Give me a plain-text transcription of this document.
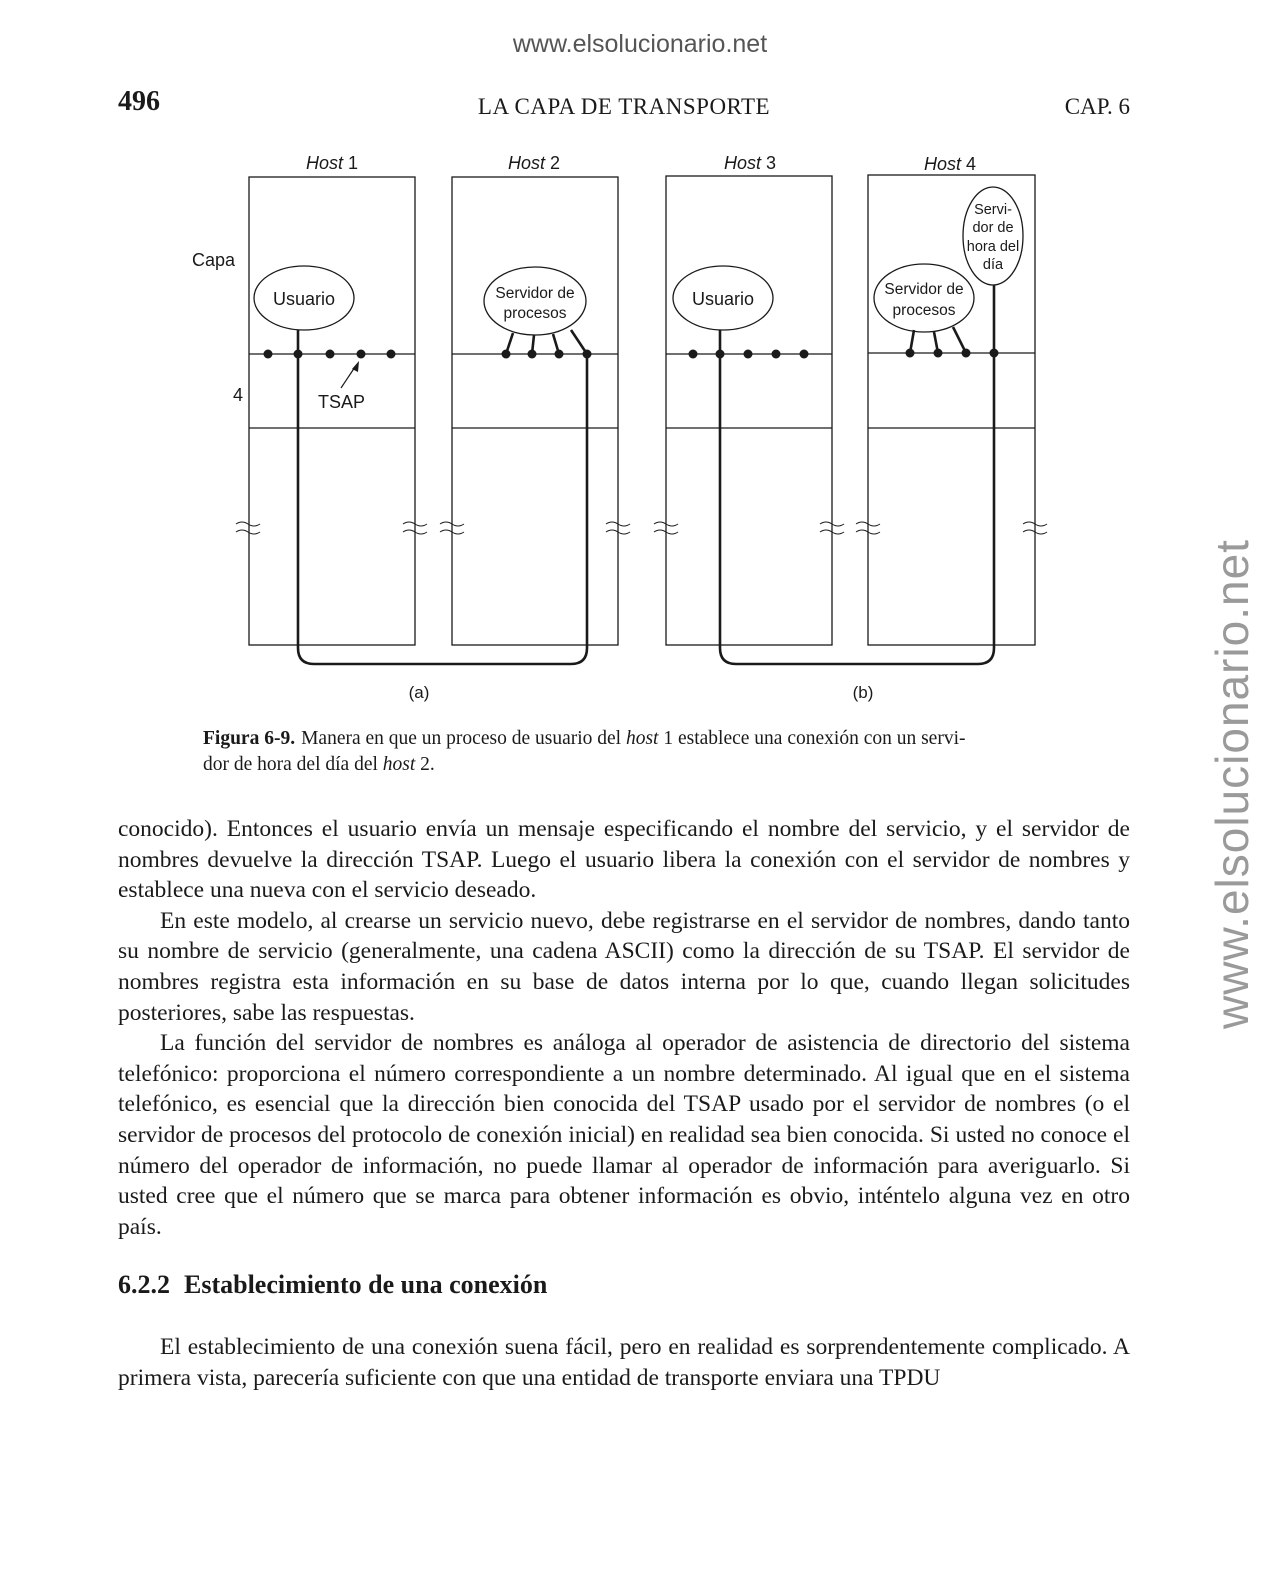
www.elsolucionario.net
www.elsolucionario.net
496	LA CAPA DE TRANSPORTE	CAP. 6
Host 1	Host 2	Host 3	Host 4
Capa
4	TSAP
Usuario	Usuario
Servidor de
procesos
Servidor de
procesos
Servi-
dor de
hora del
día
(a)	(b)
Figura 6-9. Manera en que un proceso de usuario del host 1 establece una conexión con un servi-
dor de hora del día del host 2.

conocido). Entonces el usuario envía un mensaje especificando el nombre del servicio, y el servidor de nombres devuelve la dirección TSAP. Luego el usuario libera la conexión con el servidor de nombres y establece una nueva con el servicio deseado.

En este modelo, al crearse un servicio nuevo, debe registrarse en el servidor de nombres, dando tanto su nombre de servicio (generalmente, una cadena ASCII) como la dirección de su TSAP. El servidor de nombres registra esta información en su base de datos interna por lo que, cuando llegan solicitudes posteriores, sabe las respuestas.

La función del servidor de nombres es análoga al operador de asistencia de directorio del sistema telefónico: proporciona el número correspondiente a un nombre determinado. Al igual que en el sistema telefónico, es esencial que la dirección bien conocida del TSAP usado por el servidor de nombres (o el servidor de procesos del protocolo de conexión inicial) en realidad sea bien conocida. Si usted no conoce el número del operador de información, no puede llamar al operador de información para averiguarlo. Si usted cree que el número que se marca para obtener información es obvio, inténtelo alguna vez en otro país.

6.2.2 Establecimiento de una conexión

El establecimiento de una conexión suena fácil, pero en realidad es sorprendentemente complicado. A primera vista, parecería suficiente con que una entidad de transporte enviara una TPDU
